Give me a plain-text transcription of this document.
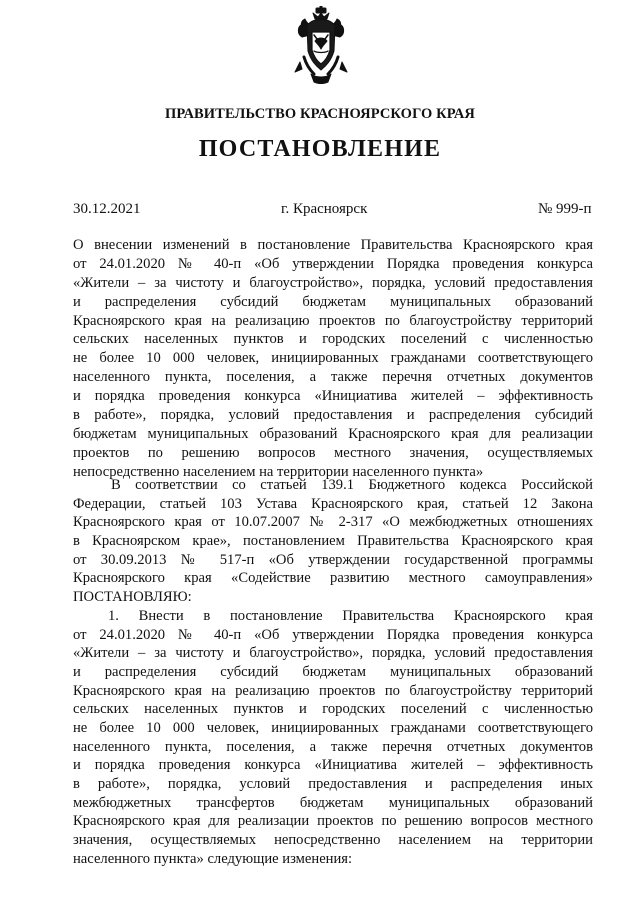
ПРАВИТЕЛЬСТВО КРАСНОЯРСКОГО КРАЯ
ПОСТАНОВЛЕНИЕ
30.12.2021	г. Красноярск	№ 999-п
О внесении изменений в постановление Правительства Красноярского края
от 24.01.2020 № 40-п «Об утверждении Порядка проведения конкурса
«Жители – за чистоту и благоустройство», порядка, условий предоставления
и распределения субсидий бюджетам муниципальных образований
Красноярского края на реализацию проектов по благоустройству территорий
сельских населенных пунктов и городских поселений с численностью
не более 10 000 человек, инициированных гражданами соответствующего
населенного пункта, поселения, а также перечня отчетных документов
и порядка проведения конкурса «Инициатива жителей – эффективность
в работе», порядка, условий предоставления и распределения субсидий
бюджетам муниципальных образований Красноярского края для реализации
проектов по решению вопросов местного значения, осуществляемых
непосредственно населением на территории населенного пункта»
В соответствии со статьей 139.1 Бюджетного кодекса Российской
Федерации, статьей 103 Устава Красноярского края, статьей 12 Закона
Красноярского края от 10.07.2007 № 2-317 «О межбюджетных отношениях
в Красноярском крае», постановлением Правительства Красноярского края
от 30.09.2013 № 517-п «Об утверждении государственной программы
Красноярского края «Содействие развитию местного самоуправления»
ПОСТАНОВЛЯЮ:
1. Внести в постановление Правительства Красноярского края
от 24.01.2020 № 40-п «Об утверждении Порядка проведения конкурса
«Жители – за чистоту и благоустройство», порядка, условий предоставления
и распределения субсидий бюджетам муниципальных образований
Красноярского края на реализацию проектов по благоустройству территорий
сельских населенных пунктов и городских поселений с численностью
не более 10 000 человек, инициированных гражданами соответствующего
населенного пункта, поселения, а также перечня отчетных документов
и порядка проведения конкурса «Инициатива жителей – эффективность
в работе», порядка, условий предоставления и распределения иных
межбюджетных трансфертов бюджетам муниципальных образований
Красноярского края для реализации проектов по решению вопросов местного
значения, осуществляемых непосредственно населением на территории
населенного пункта» следующие изменения:
